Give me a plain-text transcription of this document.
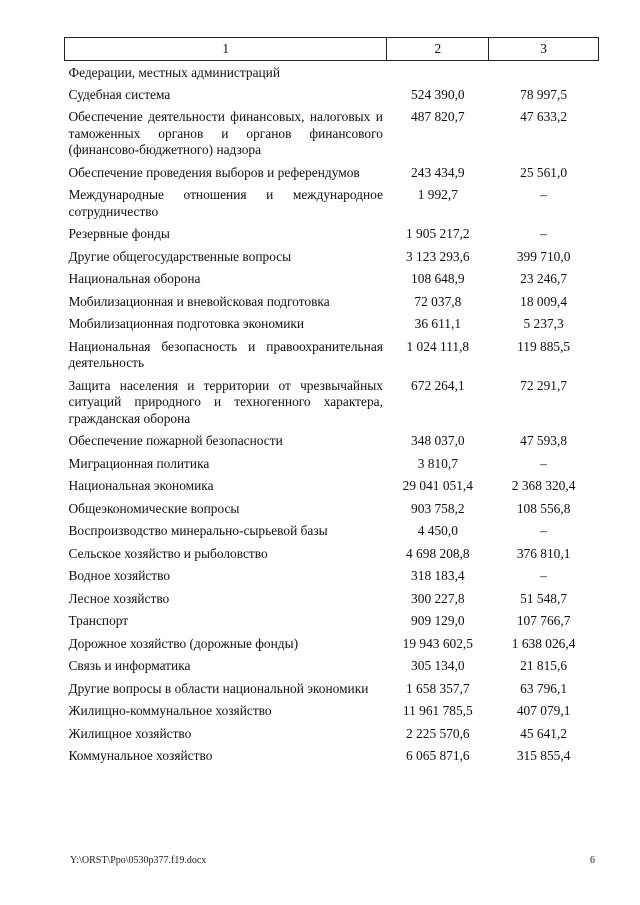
1	2	3
Федерации, местных администраций		
Судебная система	524 390,0	78 997,5
Обеспечение деятельности финансовых, налоговых и таможенных органов и органов финансового (финансово-бюджетного) надзора	487 820,7	47 633,2
Обеспечение проведения выборов и референдумов	243 434,9	25 561,0
Международные отношения и международное сотрудничество	1 992,7	–
Резервные фонды	1 905 217,2	–
Другие общегосударственные вопросы	3 123 293,6	399 710,0
Национальная оборона	108 648,9	23 246,7
Мобилизационная и вневойсковая подготовка	72 037,8	18 009,4
Мобилизационная подготовка экономики	36 611,1	5 237,3
Национальная безопасность и правоохранительная деятельность	1 024 111,8	119 885,5
Защита населения и территории от чрезвычайных ситуаций природного и техногенного характера, гражданская оборона	672 264,1	72 291,7
Обеспечение пожарной безопасности	348 037,0	47 593,8
Миграционная политика	3 810,7	–
Национальная экономика	29 041 051,4	2 368 320,4
Общеэкономические вопросы	903 758,2	108 556,8
Воспроизводство минерально-сырьевой базы	4 450,0	–
Сельское хозяйство и рыболовство	4 698 208,8	376 810,1
Водное хозяйство	318 183,4	–
Лесное хозяйство	300 227,8	51 548,7
Транспорт	909 129,0	107 766,7
Дорожное хозяйство (дорожные фонды)	19 943 602,5	1 638 026,4
Связь и информатика	305 134,0	21 815,6
Другие вопросы в области национальной экономики	1 658 357,7	63 796,1
Жилищно-коммунальное хозяйство	11 961 785,5	407 079,1
Жилищное хозяйство	2 225 570,6	45 641,2
Коммунальное хозяйство	6 065 871,6	315 855,4
Y:\ORST\Ppo\0530p377.f19.docx	6
